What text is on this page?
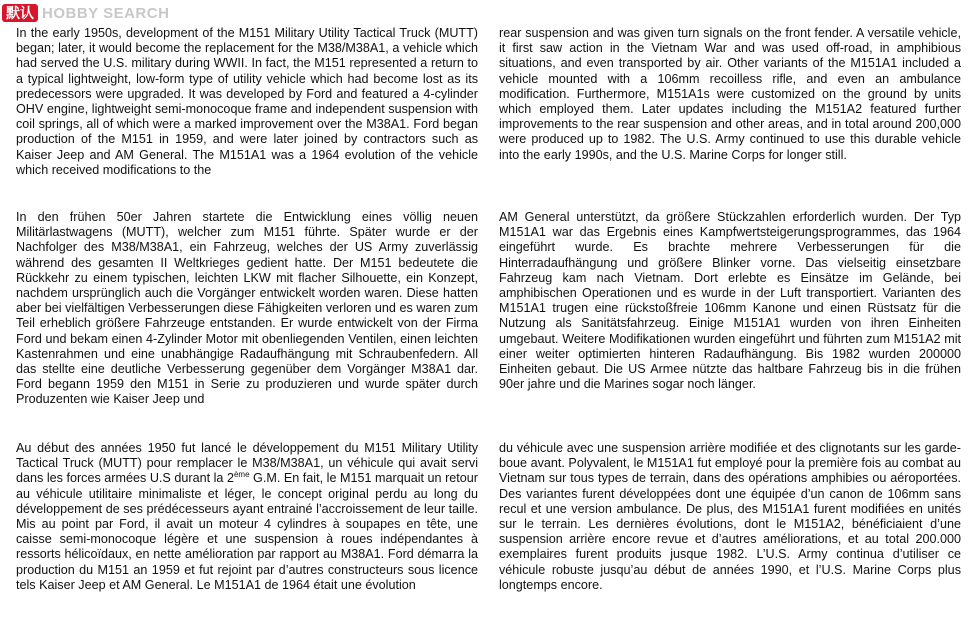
默认 HOBBY SEARCH

In the early 1950s, development of the M151 Military Utility Tactical Truck (MUTT) began; later, it would become the replacement for the M38/M38A1, a vehicle which had served the U.S. military during WWII. In fact, the M151 represented a return to a typical lightweight, low-form type of utility vehicle which had become lost as its predecessors were upgraded. It was developed by Ford and featured a 4-cylinder OHV engine, lightweight semi-monocoque frame and independent suspension with coil springs, all of which were a marked improvement over the M38A1. Ford began production of the M151 in 1959, and were later joined by contractors such as Kaiser Jeep and AM General. The M151A1 was a 1964 evolution of the vehicle which received modifications to the

rear suspension and was given turn signals on the front fender. A versatile vehicle, it first saw action in the Vietnam War and was used off-road, in amphibious situations, and even transported by air. Other variants of the M151A1 included a vehicle mounted with a 106mm recoilless rifle, and even an ambulance modification. Furthermore, M151A1s were customized on the ground by units which employed them. Later updates including the M151A2 featured further improvements to the rear suspension and other areas, and in total around 200,000 were produced up to 1982. The U.S. Army continued to use this durable vehicle into the early 1990s, and the U.S. Marine Corps for longer still.

In den frühen 50er Jahren startete die Entwicklung eines völlig neuen Militärlastwagens (MUTT), welcher zum M151 führte. Später wurde er der Nachfolger des M38/M38A1, ein Fahrzeug, welches der US Army zuverlässig während des gesamten II Weltkrieges gedient hatte. Der M151 bedeutete die Rückkehr zu einem typischen, leichten LKW mit flacher Silhouette, ein Konzept, nachdem ursprünglich auch die Vorgänger entwickelt worden waren. Diese hatten aber bei vielfältigen Verbesserungen diese Fähigkeiten verloren und es waren zum Teil erheblich größere Fahrzeuge entstanden. Er wurde entwickelt von der Firma Ford und bekam einen 4-Zylinder Motor mit obenliegenden Ventilen, einen leichten Kastenrahmen und eine unabhängige Radaufhängung mit Schraubenfedern. All das stellte eine deutliche Verbesserung gegenüber dem Vorgänger M38A1 dar. Ford begann 1959 den M151 in Serie zu produzieren und wurde später durch Produzenten wie Kaiser Jeep und

AM General unterstützt, da größere Stückzahlen erforderlich wurden. Der Typ M151A1 war das Ergebnis eines Kampfwertsteigerungsprogrammes, das 1964 eingeführt wurde. Es brachte mehrere Verbesserungen für die Hinterradaufhängung und größere Blinker vorne. Das vielseitig einsetzbare Fahrzeug kam nach Vietnam. Dort erlebte es Einsätze im Gelände, bei amphibischen Operationen und es wurde in der Luft transportiert. Varianten des M151A1 trugen eine rückstoßfreie 106mm Kanone und einen Rüstsatz für die Nutzung als Sanitätsfahrzeug. Einige M151A1 wurden von ihren Einheiten umgebaut. Weitere Modifikationen wurden eingeführt und führten zum M151A2 mit einer weiter optimierten hinteren Radaufhängung. Bis 1982 wurden 200000 Einheiten gebaut. Die US Armee nützte das haltbare Fahrzeug bis in die frühen 90er jahre und die Marines sogar noch länger.

Au début des années 1950 fut lancé le développement du M151 Military Utility Tactical Truck (MUTT) pour remplacer le M38/M38A1, un véhicule qui avait servi dans les forces armées U.S durant la 2ème G.M. En fait, le M151 marquait un retour au véhicule utilitaire minimaliste et léger, le concept original perdu au long du développement de ses prédécesseurs ayant entrainé l’accroissement de leur taille. Mis au point par Ford, il avait un moteur 4 cylindres à soupapes en tête, une caisse semi-monocoque légère et une suspension à roues indépendantes à ressorts hélicoïdaux, en nette amélioration par rapport au M38A1. Ford démarra la production du M151 an 1959 et fut rejoint par d’autres constructeurs sous licence tels Kaiser Jeep et AM General. Le M151A1 de 1964 était une évolution

du véhicule avec une suspension arrière modifiée et des clignotants sur les garde-boue avant. Polyvalent, le M151A1 fut employé pour la première fois au combat au Vietnam sur tous types de terrain, dans des opérations amphibies ou aéroportées. Des variantes furent développées dont une équipée d’un canon de 106mm sans recul et une version ambulance. De plus, des M151A1 furent modifiées en unités sur le terrain. Les dernières évolutions, dont le M151A2, bénéficiaient d’une suspension arrière encore revue et d’autres améliorations, et au total 200.000 exemplaires furent produits jusque 1982. L’U.S. Army continua d’utiliser ce véhicule robuste jusqu’au début de années 1990, et l’U.S. Marine Corps plus longtemps encore.
